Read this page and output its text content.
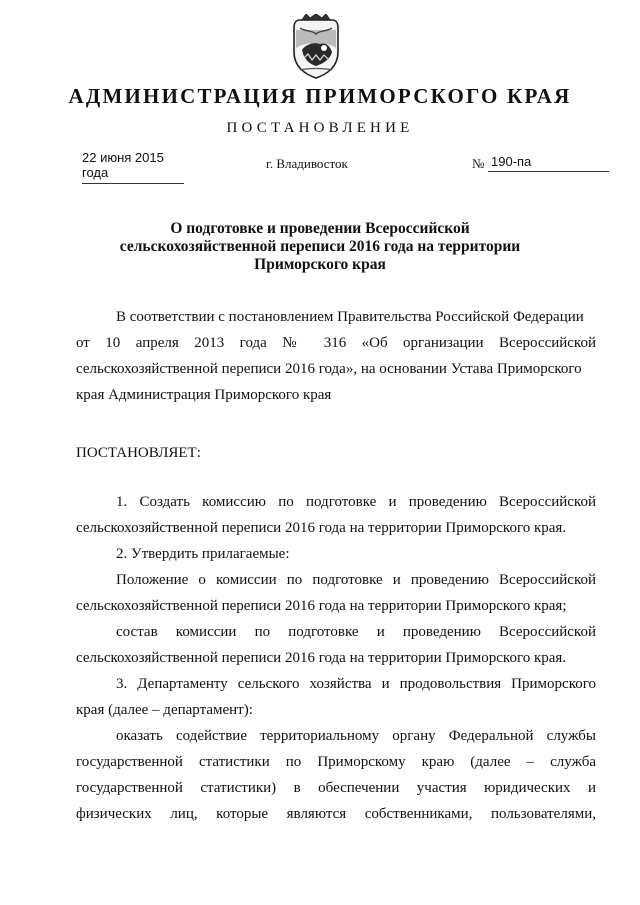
АДМИНИСТРАЦИЯ ПРИМОРСКОГО КРАЯ
ПОСТАНОВЛЕНИЕ
22 июня 2015 года
г. Владивосток	№ 190-па
О подготовке и проведении Всероссийской
сельскохозяйственной переписи 2016 года на территории
Приморского края
В соответствии с постановлением Правительства Российской Федерации
от 10 апреля 2013 года № 316 «Об организации Всероссийской
сельскохозяйственной переписи 2016 года», на основании Устава Приморского
края Администрация Приморского края
ПОСТАНОВЛЯЕТ:
1. Создать комиссию по подготовке и проведению Всероссийской
сельскохозяйственной переписи 2016 года на территории Приморского края.
2. Утвердить прилагаемые:
Положение о комиссии по подготовке и проведению Всероссийской
сельскохозяйственной переписи 2016 года на территории Приморского края;
состав комиссии по подготовке и проведению Всероссийской
сельскохозяйственной переписи 2016 года на территории Приморского края.
3. Департаменту сельского хозяйства и продовольствия Приморского
края (далее – департамент):
оказать содействие территориальному органу Федеральной службы
государственной статистики по Приморскому краю (далее – служба
государственной статистики) в обеспечении участия юридических и
физических лиц, которые являются собственниками, пользователями,
